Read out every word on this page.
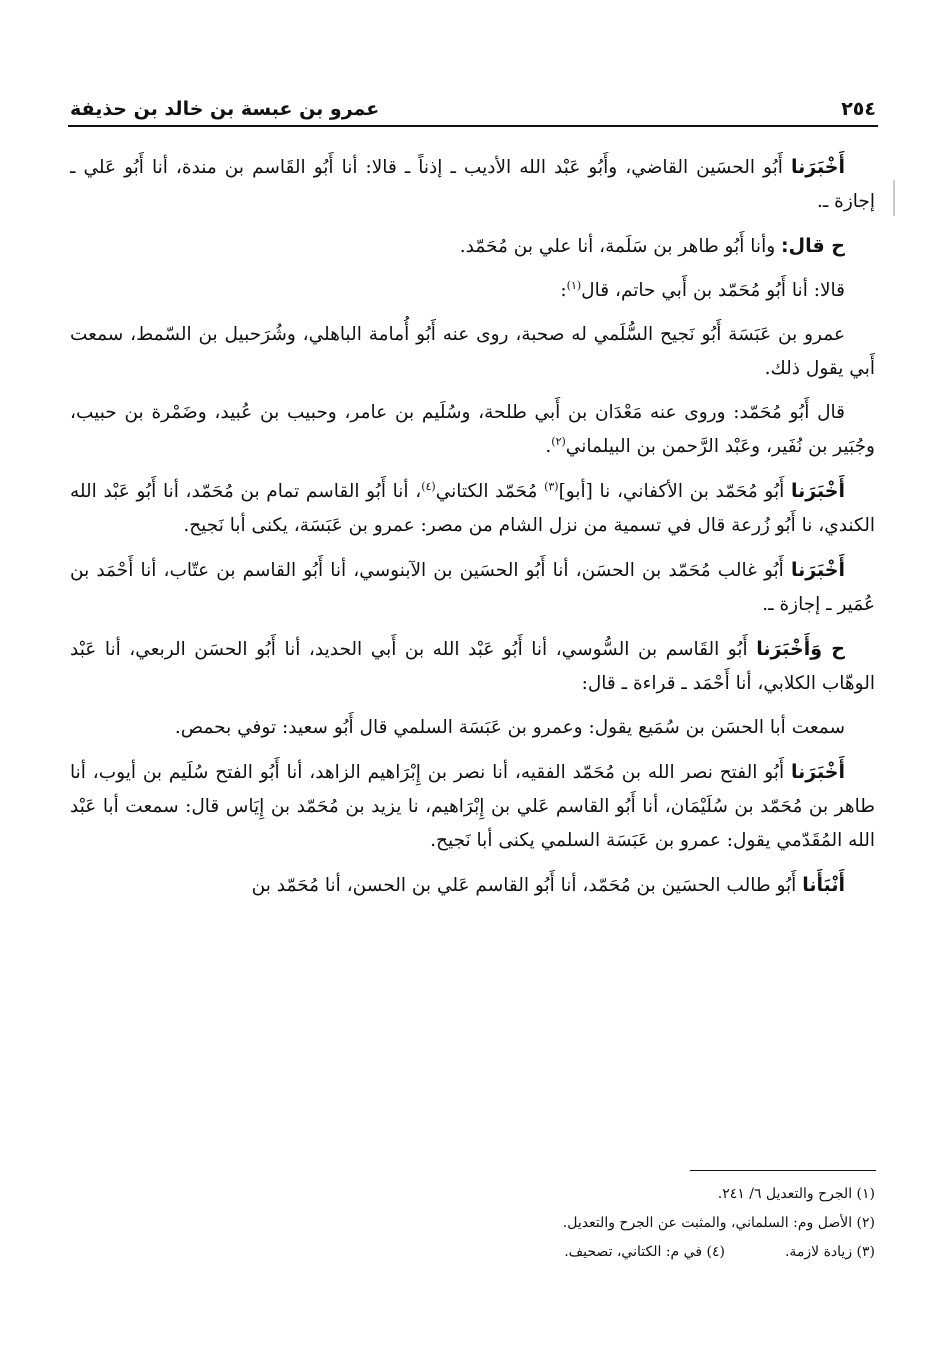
٢٥٤
عمرو بن عبسة بن خالد بن حذيفة

أَخْبَرَنا أَبُو الحسَين القاضي، وأَبُو عَبْد الله الأديب ـ إذناً ـ قالا: أنا أَبُو القَاسم بن مندة، أنا أَبُو عَلي ـ إجازة ـ.

ح قال: وأنا أَبُو طاهر بن سَلَمة، أنا علي بن مُحَمّد.

قالا: أنا أَبُو مُحَمّد بن أَبي حاتم، قال$^{(١)}$:

عمرو بن عَبَسَة أَبُو نَجيح السُّلَمي له صحبة، روى عنه أَبُو أُمامة الباهلي، وشُرَحبيل بن السّمط، سمعت أَبي يقول ذلك.

قال أَبُو مُحَمّد: وروى عنه مَعْدَان بن أَبي طلحة، وسُلَيم بن عامر، وحبيب بن عُبيد، وضَمْرة بن حبيب، وجُبَير بن نُفَير، وعَبْد الرَّحمن بن البيلماني$^{(٢)}$.

أَخْبَرَنا أَبُو مُحَمّد بن الأكفاني، نا [أبو]$^{(٣)}$ مُحَمّد الكتاني$^{(٤)}$، أنا أَبُو القاسم تمام بن مُحَمّد، أنا أَبُو عَبْد الله الكندي، نا أَبُو زُرعة قال في تسمية من نزل الشام من مصر: عمرو بن عَبَسَة، يكنى أبا نَجيح.

أَخْبَرَنا أَبُو غالب مُحَمّد بن الحسَن، أنا أَبُو الحسَين بن الآبنوسي، أنا أَبُو القاسم بن عتّاب، أنا أَحْمَد بن عُمَير ـ إجازة ـ.

ح وَأَخْبَرَنا أَبُو القَاسم بن السُّوسي، أنا أَبُو عَبْد الله بن أَبي الحديد، أنا أَبُو الحسَن الربعي، أنا عَبْد الوهّاب الكلابي، أنا أَحْمَد ـ قراءة ـ قال:

سمعت أبا الحسَن بن سُمَيع يقول: وعمرو بن عَبَسَة السلمي قال أَبُو سعيد: توفي بحمص.

أَخْبَرَنا أَبُو الفتح نصر الله بن مُحَمّد الفقيه، أنا نصر بن إِبْرَاهيم الزاهد، أنا أَبُو الفتح سُلَيم بن أيوب، أنا طاهر بن مُحَمّد بن سُلَيْمَان، أنا أَبُو القاسم عَلي بن إِبْرَاهيم، نا يزيد بن مُحَمّد بن إِيَاس قال: سمعت أبا عَبْد الله المُقَدّمي يقول: عمرو بن عَبَسَة السلمي يكنى أبا نَجيح.

أَنْبَأَنا أَبُو طالب الحسَين بن مُحَمّد، أنا أَبُو القاسم عَلي بن الحسن، أنا مُحَمّد بن

(١) الجرح والتعديل ٦/ ٢٤١.
(٢) الأصل وم: السلماني، والمثبت عن الجرح والتعديل.
(٣) زيادة لازمة.
(٤) في م: الكتاني، تصحيف.
